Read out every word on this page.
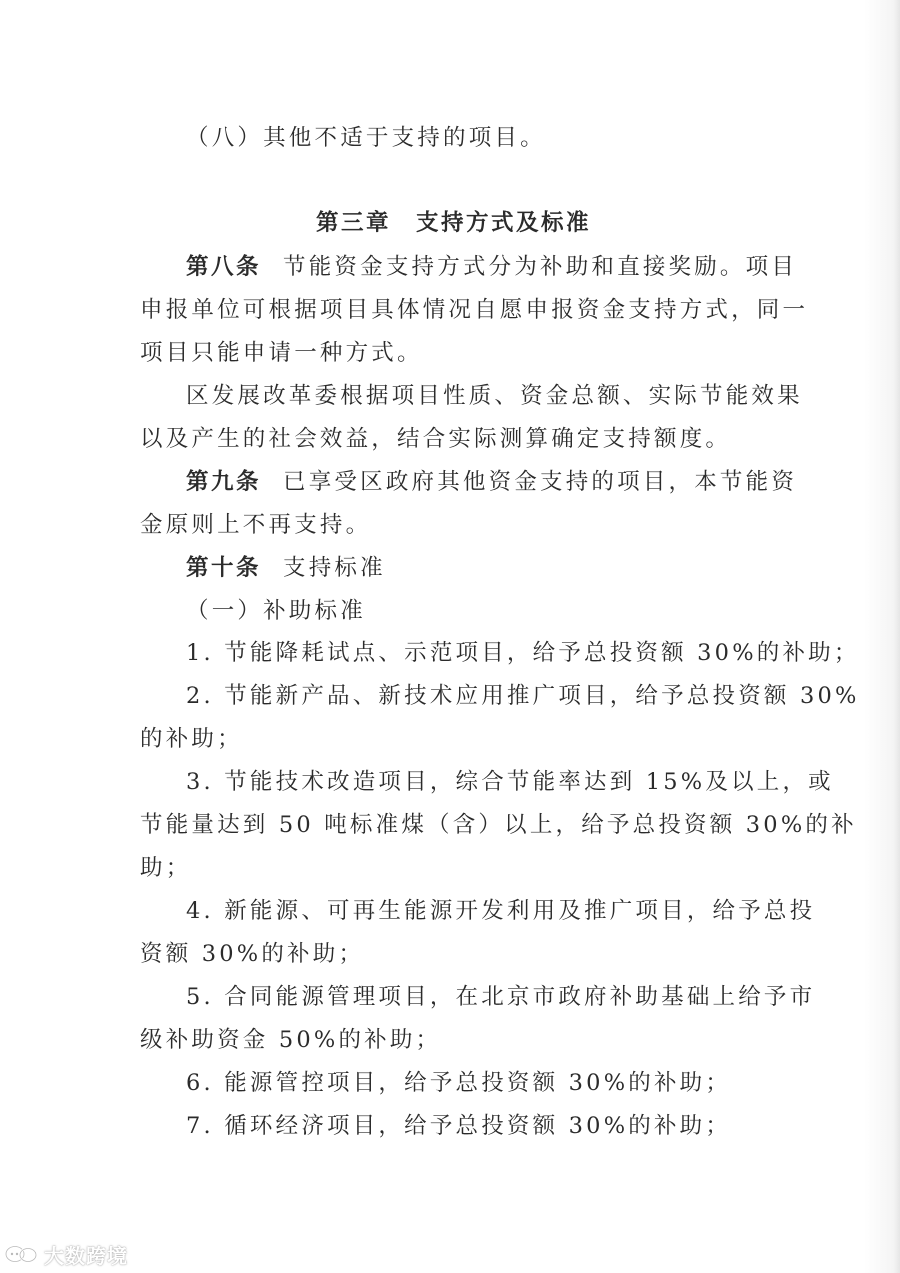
（八）其他不适于支持的项目。
第三章　支持方式及标准
第八条 节能资金支持方式分为补助和直接奖励。项目
申报单位可根据项目具体情况自愿申报资金支持方式，同一
项目只能申请一种方式。
区发展改革委根据项目性质、资金总额、实际节能效果
以及产生的社会效益，结合实际测算确定支持额度。
第九条 已享受区政府其他资金支持的项目，本节能资
金原则上不再支持。
第十条 支持标准
（一）补助标准
1. 节能降耗试点、示范项目，给予总投资额 30%的补助；
2. 节能新产品、新技术应用推广项目，给予总投资额 30%
的补助；
3. 节能技术改造项目，综合节能率达到 15%及以上，或
节能量达到 50 吨标准煤（含）以上，给予总投资额 30%的补
助；
4. 新能源、可再生能源开发利用及推广项目，给予总投
资额 30%的补助；
5. 合同能源管理项目，在北京市政府补助基础上给予市
级补助资金 50%的补助；
6. 能源管控项目，给予总投资额 30%的补助；
7. 循环经济项目，给予总投资额 30%的补助；
大数跨境
